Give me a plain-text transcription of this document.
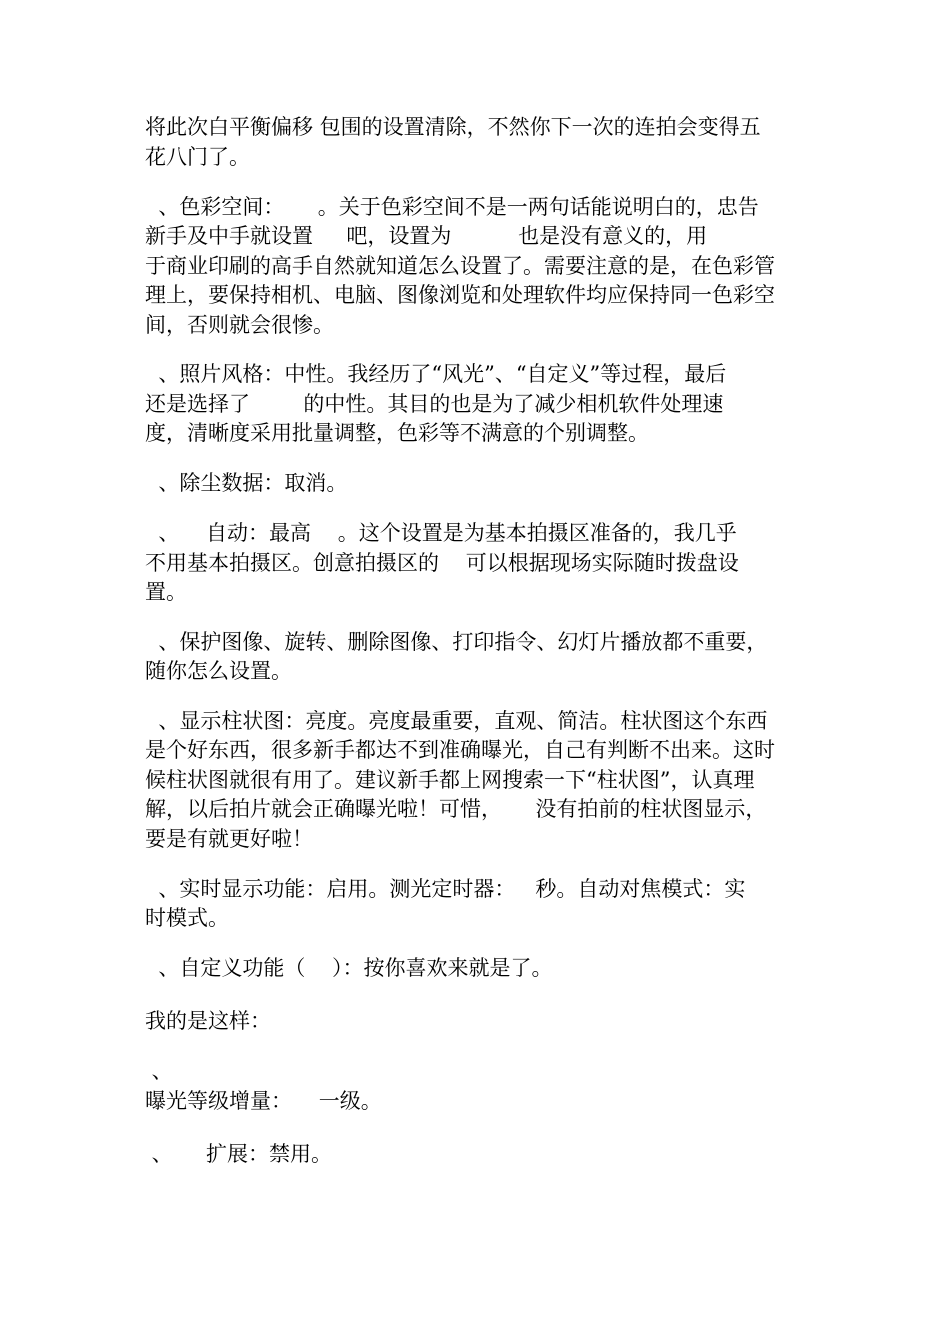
将此次白平衡偏移 包围的设置清除，不然你下一次的连拍会变得五
花八门了。
、色彩空间：     。关于色彩空间不是一两句话能说明白的，忠告
新手及中手就设置     吧，设置为          也是没有意义的，用
于商业印刷的高手自然就知道怎么设置了。需要注意的是，在色彩管
理上，要保持相机、电脑、图像浏览和处理软件均应保持同一色彩空
间，否则就会很惨。
、照片风格：中性。我经历了“风光”、“自定义”等过程，最后
还是选择了        的中性。其目的也是为了减少相机软件处理速
度，清晰度采用批量调整，色彩等不满意的个别调整。
、除尘数据：取消。
、    自动：最高    。这个设置是为基本拍摄区准备的，我几乎
不用基本拍摄区。创意拍摄区的    可以根据现场实际随时拨盘设
置。
、保护图像、旋转、删除图像、打印指令、幻灯片播放都不重要，
随你怎么设置。
、显示柱状图：亮度。亮度最重要，直观、简洁。柱状图这个东西
是个好东西，很多新手都达不到准确曝光，自己有判断不出来。这时
候柱状图就很有用了。建议新手都上网搜索一下“柱状图”，认真理
解，以后拍片就会正确曝光啦！可惜，     没有拍前的柱状图显示，
要是有就更好啦！
、实时显示功能：启用。测光定时器：   秒。自动对焦模式：实
时模式。
、自定义功能（    ）：按你喜欢来就是了。
我的是这样：
、
曝光等级增量：    一级。
、     扩展：禁用。
